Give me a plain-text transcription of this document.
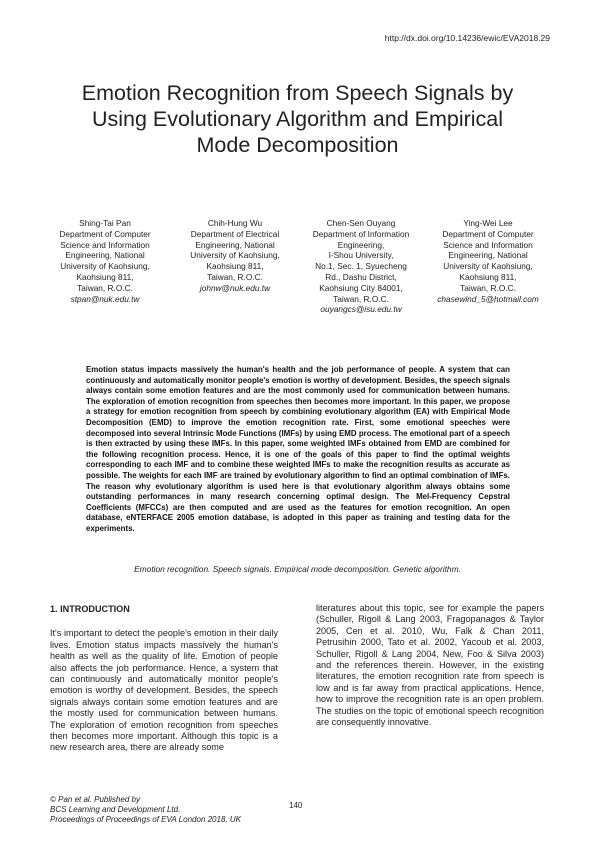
http://dx.doi.org/10.14236/ewic/EVA2018.29
Emotion Recognition from Speech Signals by
Using Evolutionary Algorithm and Empirical
Mode Decomposition
Shing-Tai Pan
Department of Computer
Science and Information
Engineering, National
University of Kaohsiung,
Kaohsiung 811,
Taiwan, R.O.C.
stpan@nuk.edu.tw
Chih-Hung Wu
Department of Electrical
Engineering, National
University of Kaohsiung,
Kaohsiung 811,
Taiwan, R.O.C.
johnw@nuk.edu.tw
Chen-Sen Ouyang
Department of Information
Engineering,
I-Shou University,
No.1, Sec. 1, Syuecheng
Rd., Dashu District,
Kaohsiung City 84001,
Taiwan, R.O.C.
ouyangcs@isu.edu.tw
Ying-Wei Lee
Department of Computer
Science and Information
Engineering, National
University of Kaohsiung,
Kaohsiung 811,
Taiwan, R.O.C.
chasewind_5@hotmail.com

Emotion status impacts massively the human's health and the job performance of people. A system that can continuously and automatically monitor people's emotion is worthy of development. Besides, the speech signals always contain some emotion features and are the most commonly used for communication between humans. The exploration of emotion recognition from speeches then becomes more important. In this paper, we propose a strategy for emotion recognition from speech by combining evolutionary algorithm (EA) with Empirical Mode Decomposition (EMD) to improve the emotion recognition rate. First, some emotional speeches were decomposed into several Intrinsic Mode Functions (IMFs) by using EMD process. The emotional part of a speech is then extracted by using these IMFs. In this paper, some weighted IMFs obtained from EMD are combined for the following recognition process. Hence, it is one of the goals of this paper to find the optimal weights corresponding to each IMF and to combine these weighted IMFs to make the recognition results as accurate as possible. The weights for each IMF are trained by evolutionary algorithm to find an optimal combination of IMFs. The reason why evolutionary algorithm is used here is that evolutionary algorithm always obtains some outstanding performances in many research concerning optimal design. The Mel-Frequency Cepstral Coefficients (MFCCs) are then computed and are used as the features for emotion recognition. An open database, eNTERFACE 2005 emotion database, is adopted in this paper as training and testing data for the experiments.

Emotion recognition. Speech signals. Empirical mode decomposition. Genetic algorithm.
1. INTRODUCTION

It's important to detect the people's emotion in their daily lives. Emotion status impacts massively the human's health as well as the quality of life. Emotion of people also affects the job performance. Hence, a system that can continuously and automatically monitor people's emotion is worthy of development. Besides, the speech signals always contain some emotion features and are the mostly used for communication between humans. The exploration of emotion recognition from speeches then becomes more important. Although this topic is a new research area, there are already some

literatures about this topic, see for example the papers (Schuller, Rigoll & Lang 2003, Fragopanagos & Taylor 2005, Cen et al. 2010, Wu, Falk & Chan 2011, Petrusihin 2000, Tato et al. 2002, Yacoub et al. 2003, Schuller, Rigoll & Lang 2004, New, Foo & Silva 2003) and the references therein. However, in the existing literatures, the emotion recognition rate from speech is low and is far away from practical applications. Hence, how to improve the recognition rate is an open problem. The studies on the topic of emotional speech recognition are consequently innovative.

© Pan et al. Published by
BCS Learning and Development Ltd.
Proceedings of Proceedings of EVA London 2018, UK
140
